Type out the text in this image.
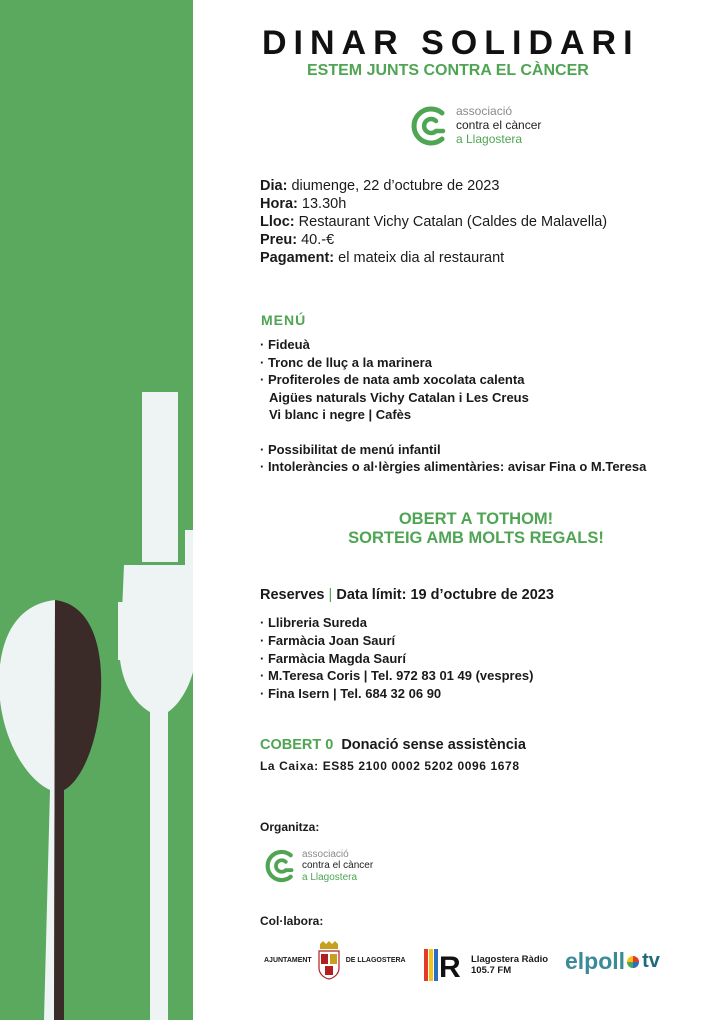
DINAR SOLIDARI
ESTEM JUNTS CONTRA EL CÀNCER
associació
contra el càncer
a Llagostera
Dia: diumenge, 22 d’octubre de 2023
Hora: 13.30h
Lloc: Restaurant Vichy Catalan (Caldes de Malavella)
Preu: 40.-€
Pagament: el mateix dia al restaurant
MENÚ
· Fideuà
· Tronc de lluç a la marinera
· Profiteroles de nata amb xocolata calenta
Aigües naturals Vichy Catalan i Les Creus
Vi blanc i negre | Cafès
· Possibilitat de menú infantil
· Intoleràncies o al·lèrgies alimentàries: avisar Fina o M.Teresa
OBERT A TOTHOM!
SORTEIG AMB MOLTS REGALS!
Reserves | Data límit: 19 d’octubre de 2023
· Llibreria Sureda
· Farmàcia Joan Saurí
· Farmàcia Magda Saurí
· M.Teresa Coris | Tel. 972 83 01 49 (vespres)
· Fina Isern | Tel. 684 32 06 90
COBERT 0 Donació sense assistència
La Caixa: ES85 2100 0002 5202 0096 1678
Organitza:
associació
contra el càncer
a Llagostera
Col·labora:
AJUNTAMENT	DE LLAGOSTERA R Llagostera Ràdio
105.7 FM	elpoll tv
